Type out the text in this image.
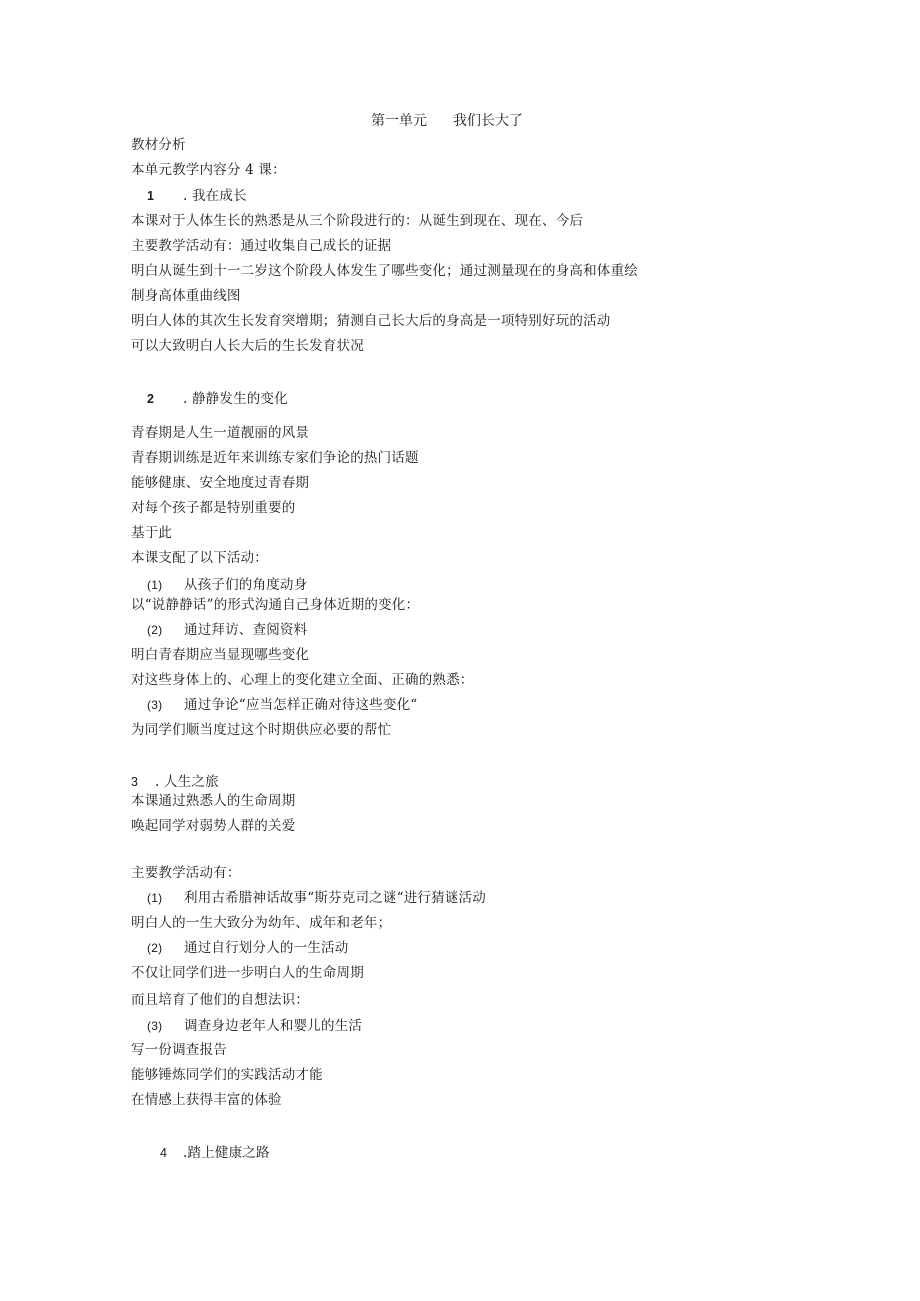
第一单元 我们长大了
教材分析
本单元教学内容分 4 课：
1 . 我在成长
本课对于人体生长的熟悉是从三个阶段进行的：从诞生到现在、现在、今后
主要教学活动有：通过收集自己成长的证据
明白从诞生到十一二岁这个阶段人体发生了哪些变化；通过测量现在的身高和体重绘
制身高体重曲线图
明白人体的其次生长发育突增期；猜测自己长大后的身高是一项特别好玩的活动
可以大致明白人长大后的生长发育状况
2 . 静静发生的变化
青春期是人生一道靓丽的风景
青春期训练是近年来训练专家们争论的热门话题
能够健康、安全地度过青春期
对每个孩子都是特别重要的
基于此
本课支配了以下活动：
(1) 从孩子们的角度动身
以“说静静话”的形式沟通自己身体近期的变化：
(2) 通过拜访、查阅资料
明白青春期应当显现哪些变化
对这些身体上的、心理上的变化建立全面、正确的熟悉：
(3) 通过争论“应当怎样正确对待这些变化“
为同学们顺当度过这个时期供应必要的帮忙
3 . 人生之旅
本课通过熟悉人的生命周期
唤起同学对弱势人群的关爱
主要教学活动有：
(1) 利用古希腊神话故事“斯芬克司之谜“进行猜谜活动
明白人的一生大致分为幼年、成年和老年；
(2) 通过自行划分人的一生活动
不仅让同学们进一步明白人的生命周期
而且培育了他们的自想法识：
(3) 调查身边老年人和婴儿的生活
写一份调查报告
能够锤炼同学们的实践活动才能
在情感上获得丰富的体验
4 .踏上健康之路
